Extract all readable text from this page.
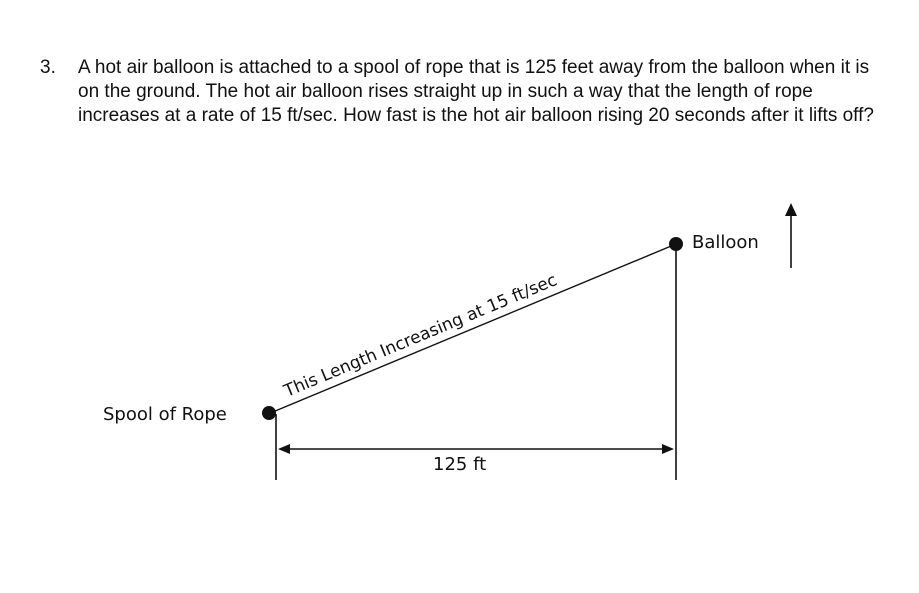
3.	A hot air balloon is attached to a spool of rope that is 125 feet away from the balloon when it is on the ground. The hot air balloon rises straight up in such a way that the length of rope increases at a rate of 15 ft/sec. How fast is the hot air balloon rising 20 seconds after it lifts off?

Spool of Rope
Balloon
125 ft
This Length Increasing at 15 ft/sec
